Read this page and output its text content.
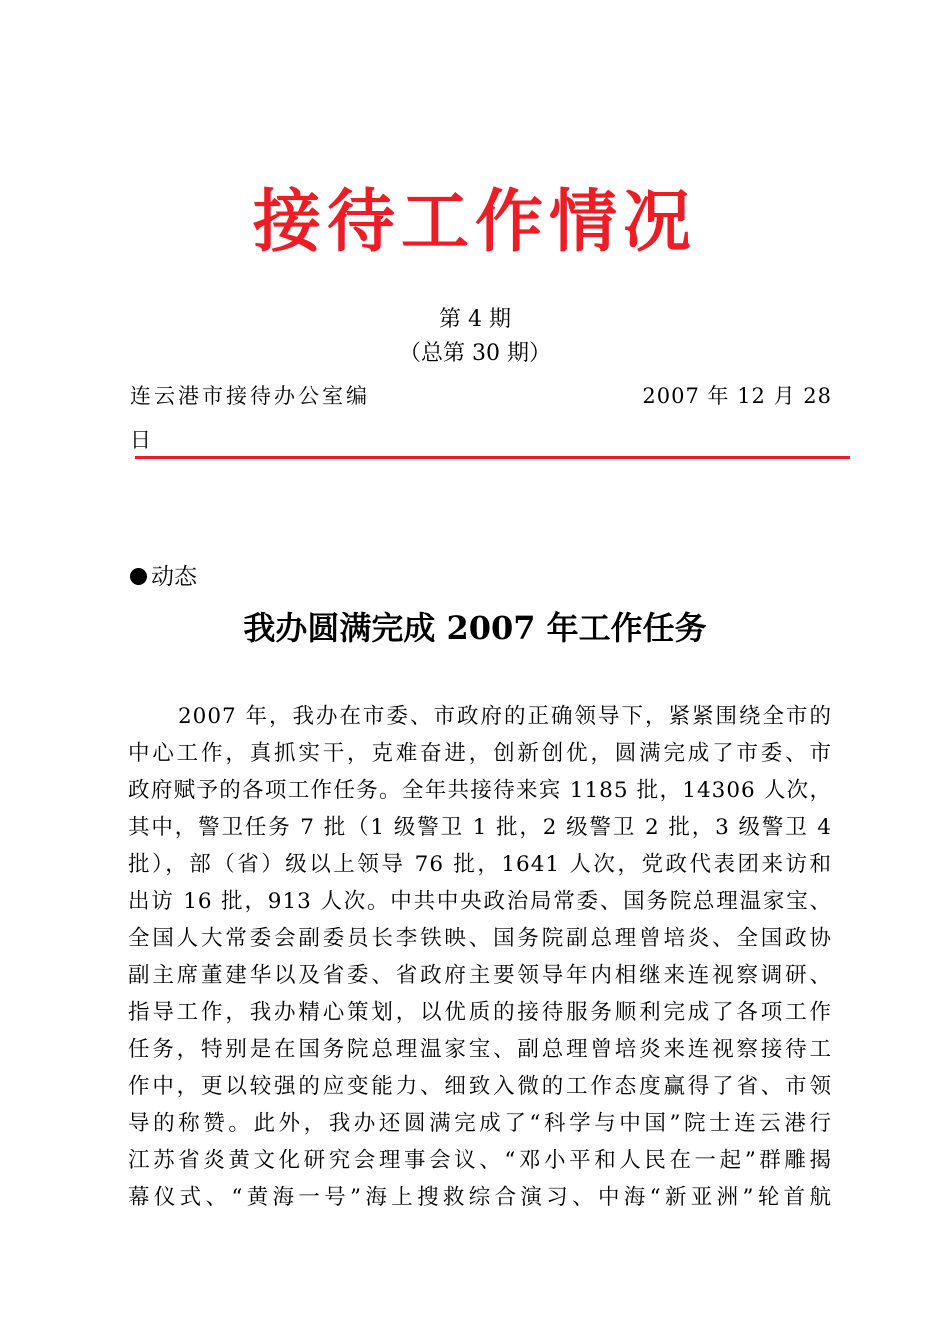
接待工作情况
第 4 期
（总第 30 期）
连云港市接待办公室编	2007 年 12 月 28
日
动态
我办圆满完成 2007 年工作任务
2007 年，我办在市委、市政府的正确领导下，紧紧围绕全市的
中心工作，真抓实干，克难奋进，创新创优，圆满完成了市委、市
政府赋予的各项工作任务。全年共接待来宾 1185 批，14306 人次，
其中，警卫任务 7 批（1 级警卫 1 批，2 级警卫 2 批，3 级警卫 4
批），部（省）级以上领导 76 批，1641 人次，党政代表团来访和
出访 16 批，913 人次。中共中央政治局常委、国务院总理温家宝、
全国人大常委会副委员长李铁映、国务院副总理曾培炎、全国政协
副主席董建华以及省委、省政府主要领导年内相继来连视察调研、
指导工作，我办精心策划，以优质的接待服务顺利完成了各项工作
任务，特别是在国务院总理温家宝、副总理曾培炎来连视察接待工
作中，更以较强的应变能力、细致入微的工作态度赢得了省、市领
导的称赞。此外，我办还圆满完成了“科学与中国”院士连云港行
江苏省炎黄文化研究会理事会议、“邓小平和人民在一起”群雕揭
幕仪式、“黄海一号”海上搜救综合演习、中海“新亚洲”轮首航
